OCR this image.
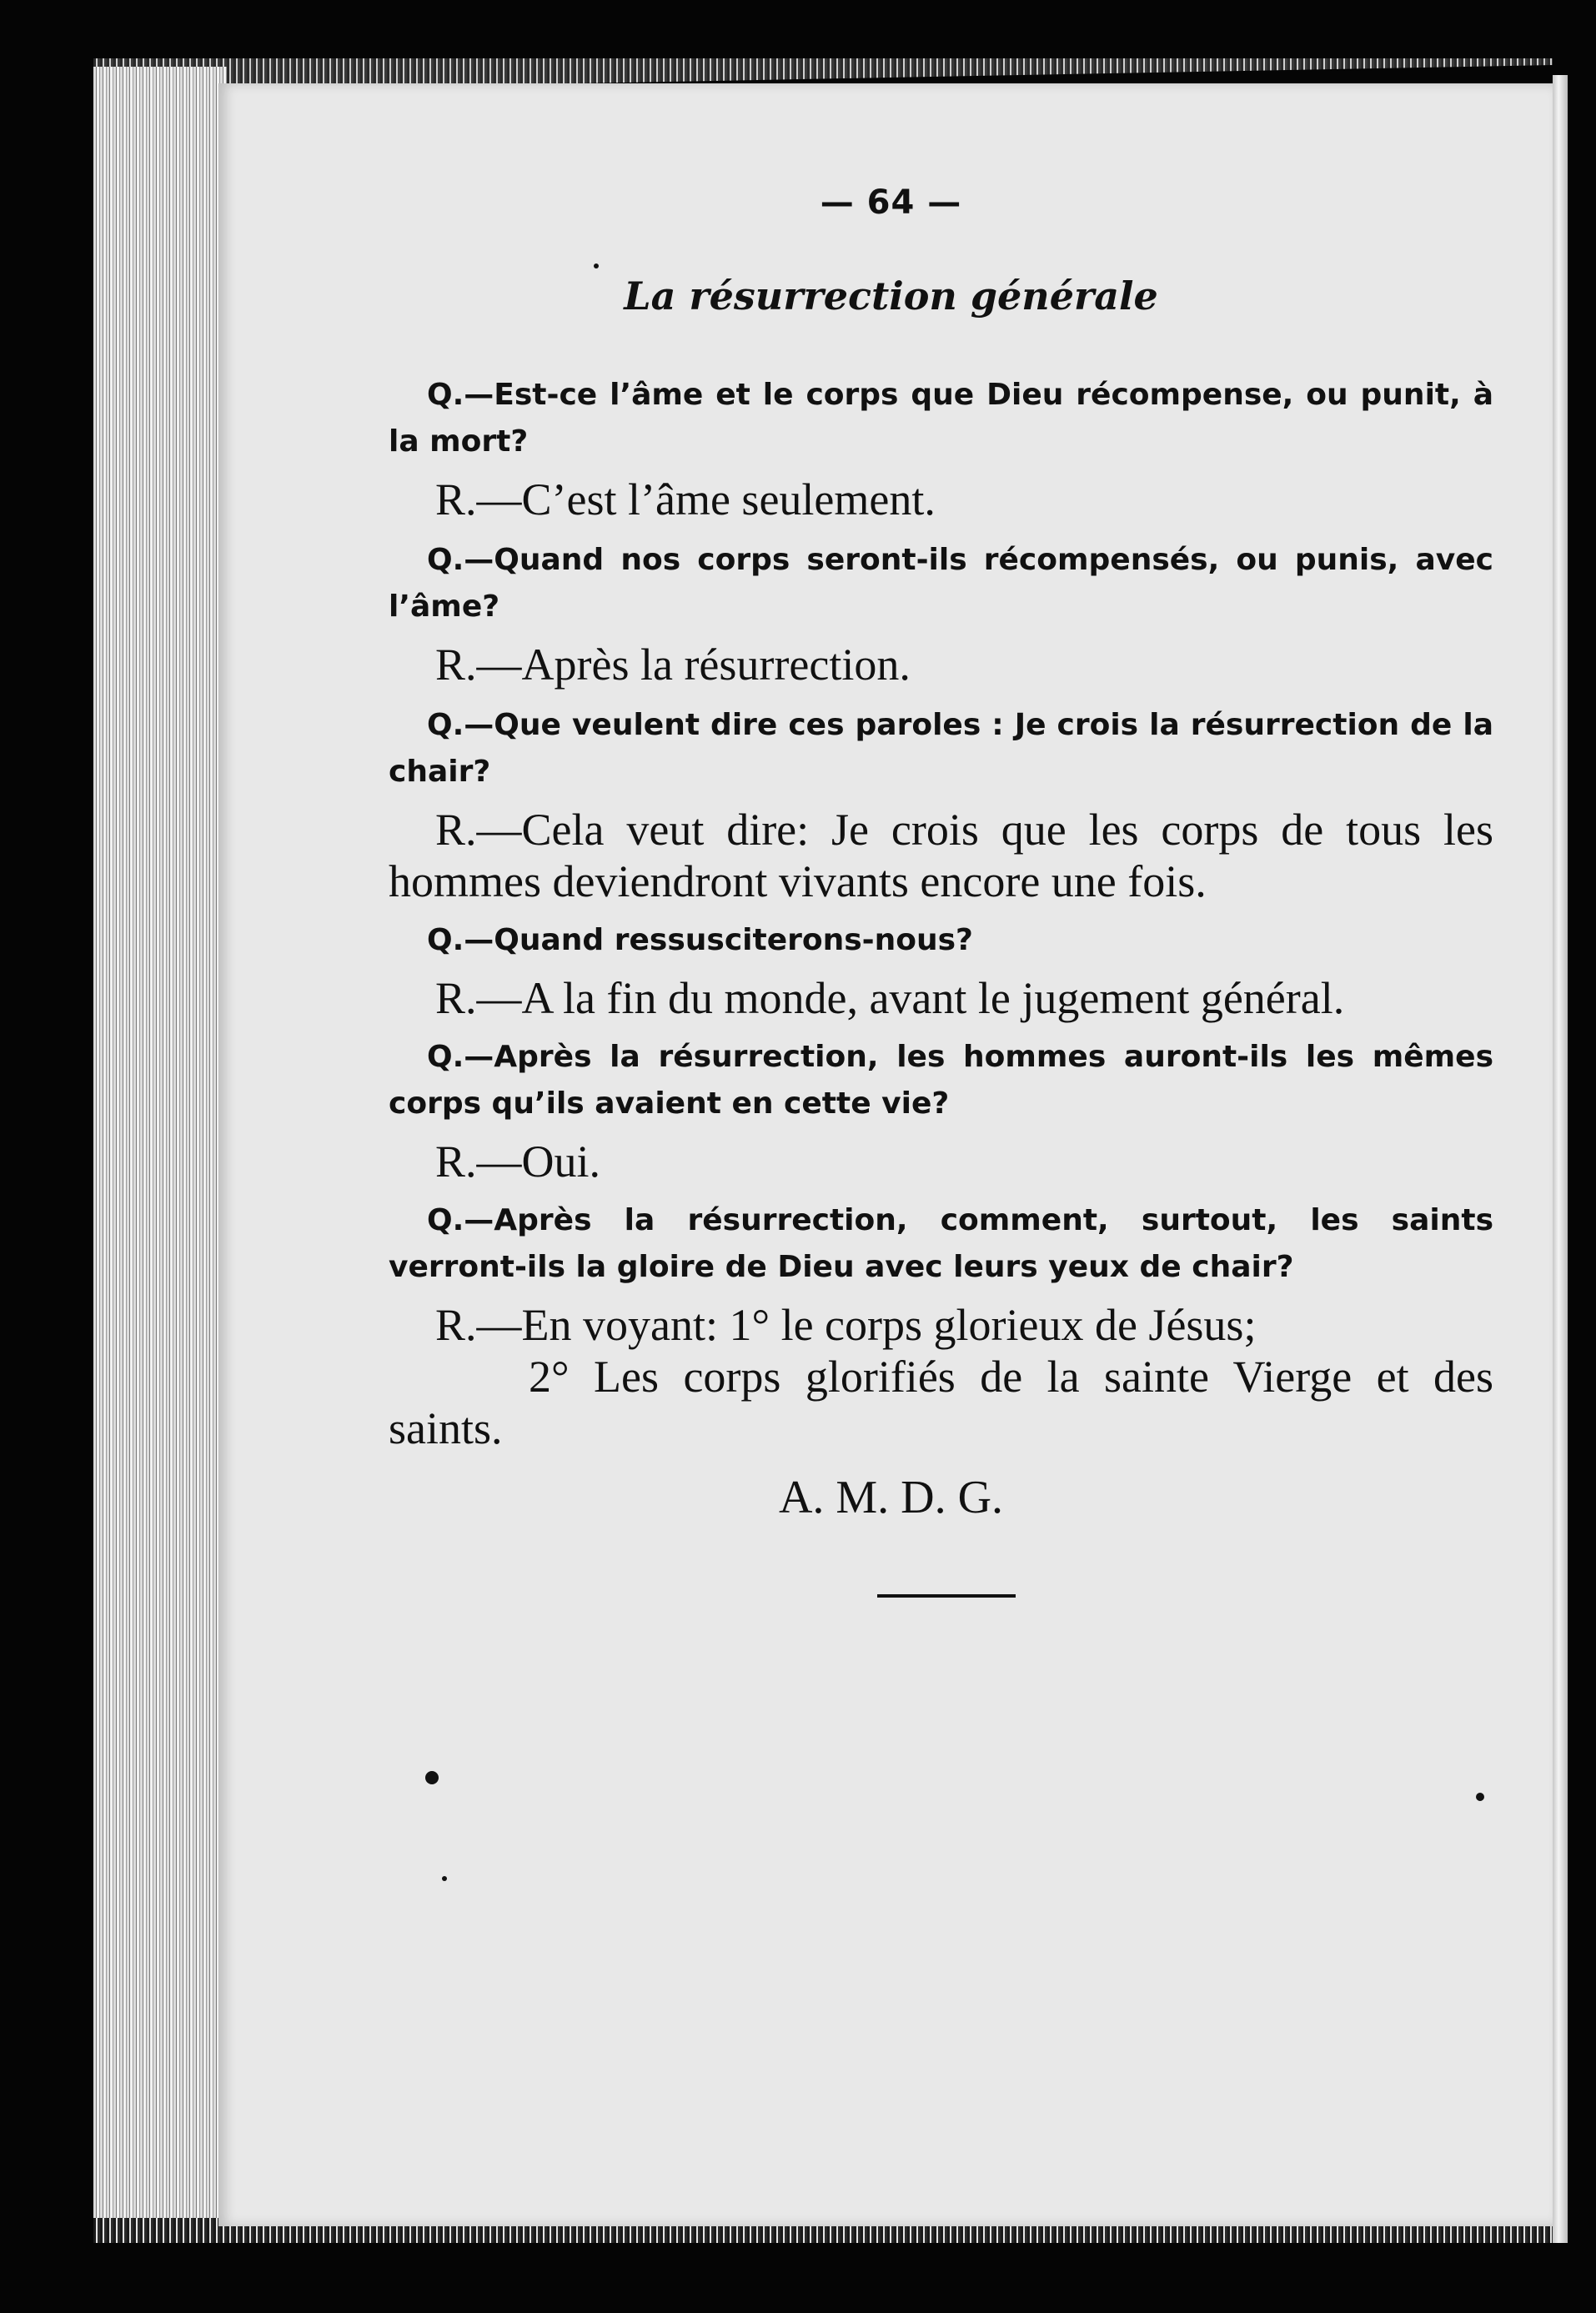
— 64 —
La résurrection générale

Q.—Est-ce l’âme et le corps que Dieu récompense, ou punit, à la mort?

R.—C’est l’âme seulement.

Q.—Quand nos corps seront-ils récompensés, ou punis, avec l’âme?

R.—Après la résurrection.

Q.—Que veulent dire ces paroles : Je crois la résurrection de la chair?

R.—Cela veut dire: Je crois que les corps de tous les hommes deviendront vivants encore une fois.

Q.—Quand ressusciterons-nous?

R.—A la fin du monde, avant le jugement général.

Q.—Après la résurrection, les hommes auront-ils les mêmes corps qu’ils avaient en cette vie?

R.—Oui.

Q.—Après la résurrection, comment, surtout, les saints verront-ils la gloire de Dieu avec leurs yeux de chair?

R.—En voyant: 1° le corps glorieux de Jésus;

2° Les corps glorifiés de la sainte Vierge et des saints.

A. M. D. G.
